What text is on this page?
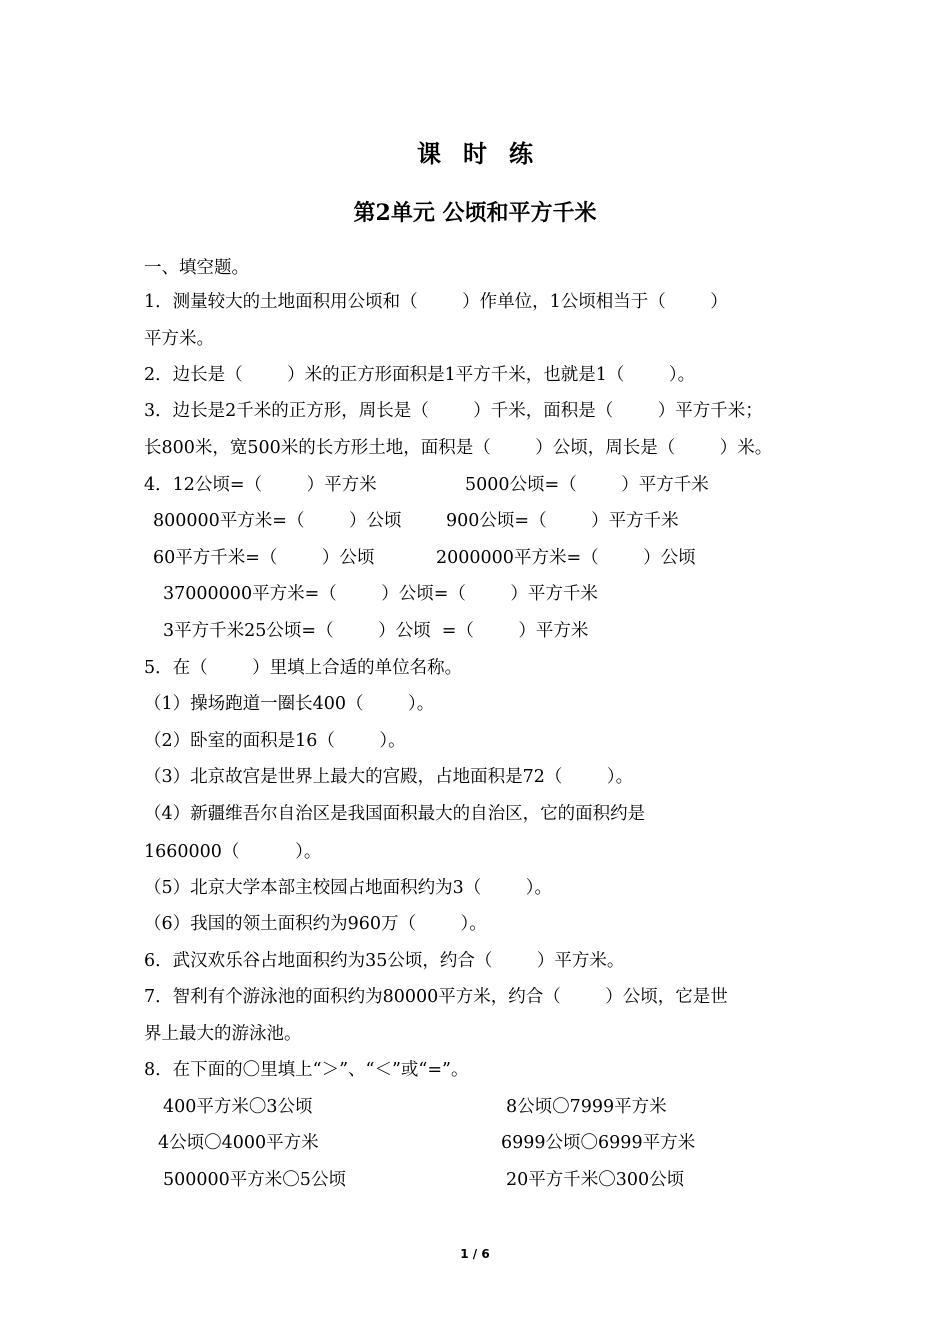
课时练
第2单元 公顷和平方千米
一、填空题。
1．测量较大的土地面积用公顷和（        ）作单位，1公顷相当于（        ）
平方米。
2．边长是（        ）米的正方形面积是1平方千米，也就是1（        ）。
3．边长是2千米的正方形，周长是（        ）千米，面积是（        ）平方千米；
长800米，宽500米的长方形土地，面积是（        ）公顷，周长是（        ）米。
4．12公顷=（        ）平方米	5000公顷=（        ）平方千米
800000平方米=（        ）公顷	900公顷=（        ）平方千米
60平方千米=（        ）公顷	2000000平方米=（        ）公顷
37000000平方米=（        ）公顷=（        ）平方千米
3平方千米25公顷=（        ）公顷  =（        ）平方米
5．在（        ）里填上合适的单位名称。
（1）操场跑道一圈长400（        ）。
（2）卧室的面积是16（        ）。
（3）北京故宫是世界上最大的宫殿，占地面积是72（        ）。
（4）新疆维吾尔自治区是我国面积最大的自治区，它的面积约是
1660000（          ）。
（5）北京大学本部主校园占地面积约为3（        ）。
（6）我国的领土面积约为960万（        ）。
6．武汉欢乐谷占地面积约为35公顷，约合（        ）平方米。
7．智利有个游泳池的面积约为80000平方米，约合（        ）公顷，它是世
界上最大的游泳池。
8．在下面的〇里填上“＞”、“＜”或“=”。
400平方米〇3公顷	8公顷〇7999平方米
4公顷〇4000平方米	6999公顷〇6999平方米
500000平方米〇5公顷	20平方千米〇300公顷
1 / 6
